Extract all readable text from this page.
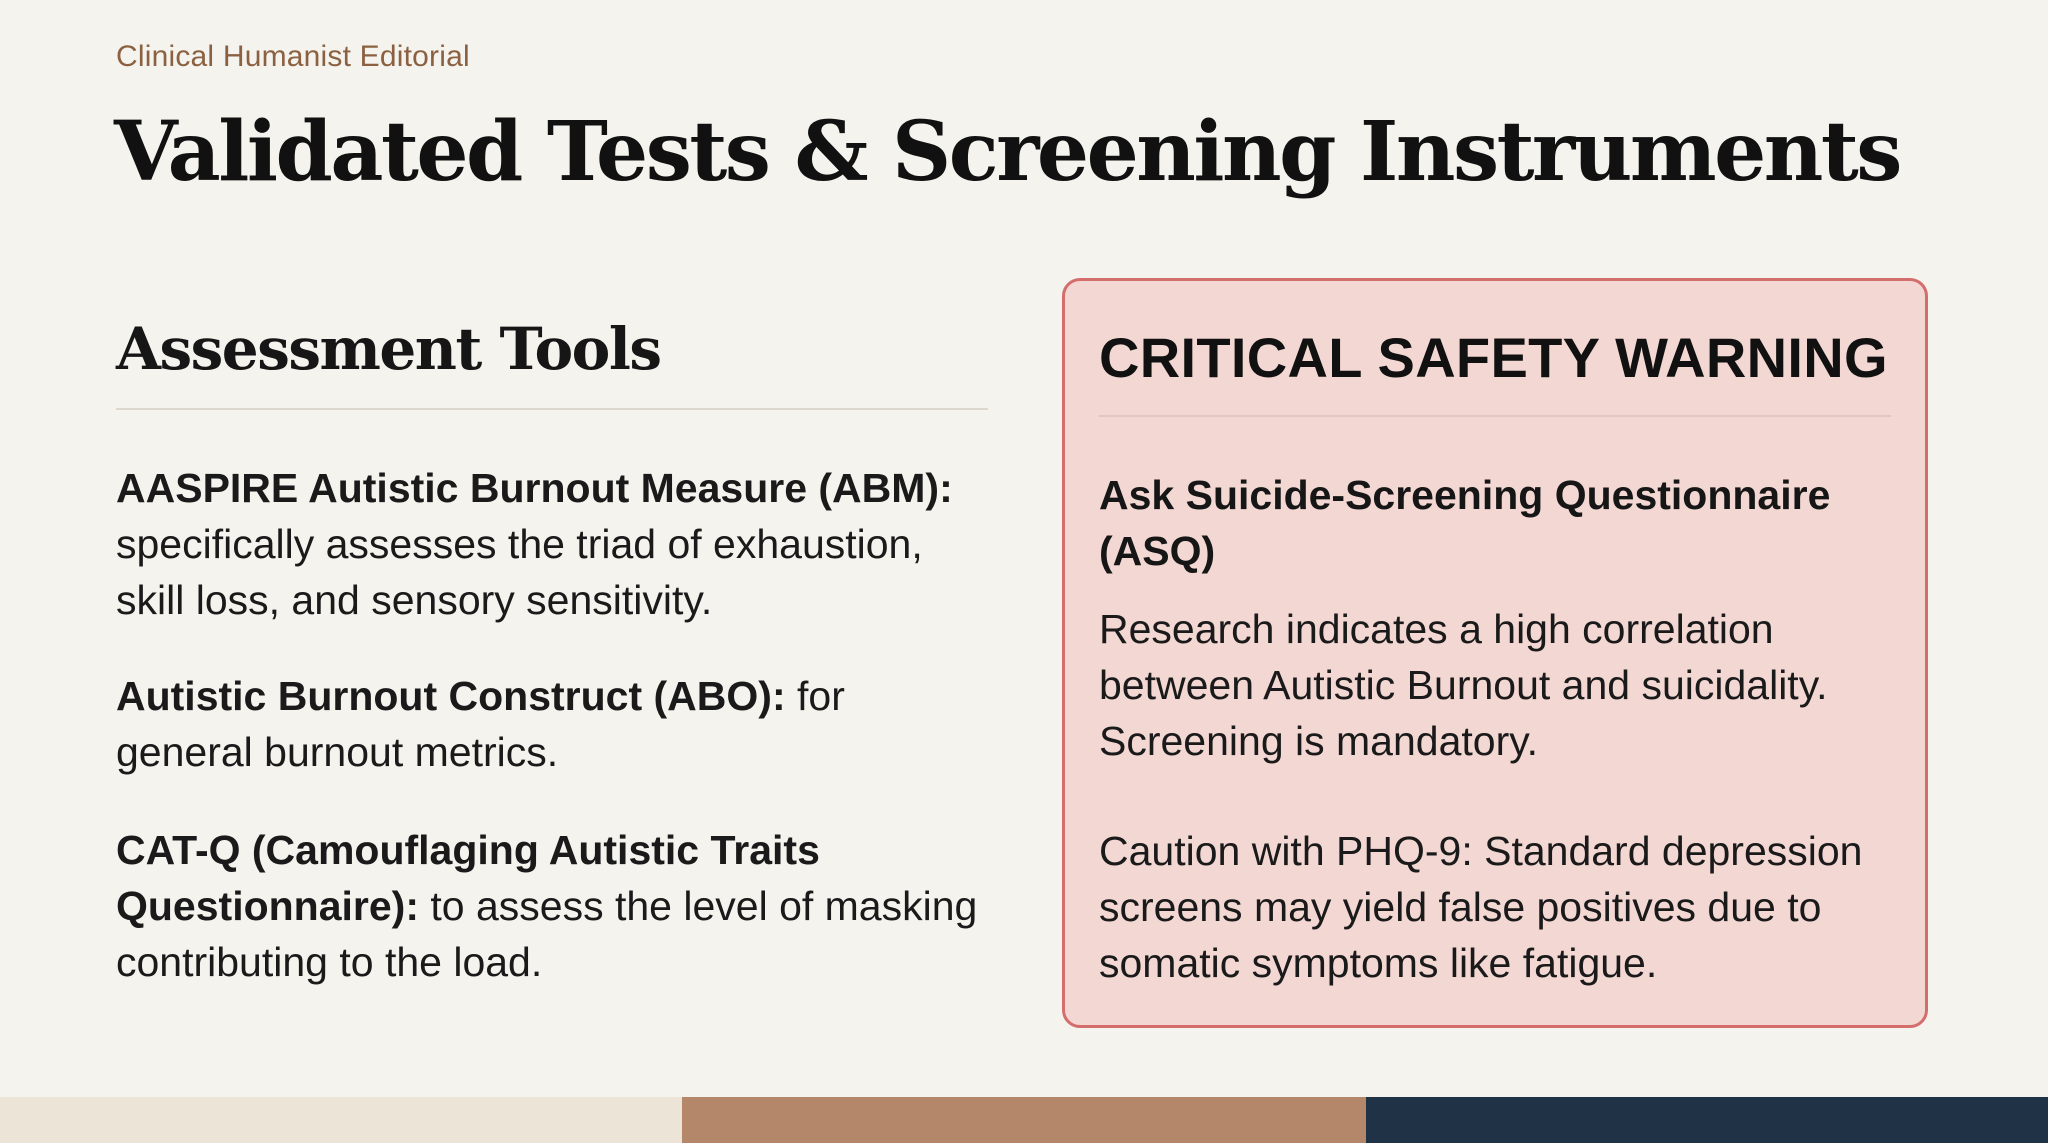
Clinical Humanist Editorial
Validated Tests & Screening Instruments
Assessment Tools

AASPIRE Autistic Burnout Measure (ABM): specifically assesses the triad of exhaustion, skill loss, and sensory sensitivity.

Autistic Burnout Construct (ABO): for general burnout metrics.

CAT-Q (Camouflaging Autistic Traits Questionnaire): to assess the level of masking contributing to the load.

CRITICAL SAFETY WARNING

Ask Suicide-Screening Questionnaire (ASQ)

Research indicates a high correlation between Autistic Burnout and suicidality. Screening is mandatory.

Caution with PHQ-9: Standard depression screens may yield false positives due to somatic symptoms like fatigue.
